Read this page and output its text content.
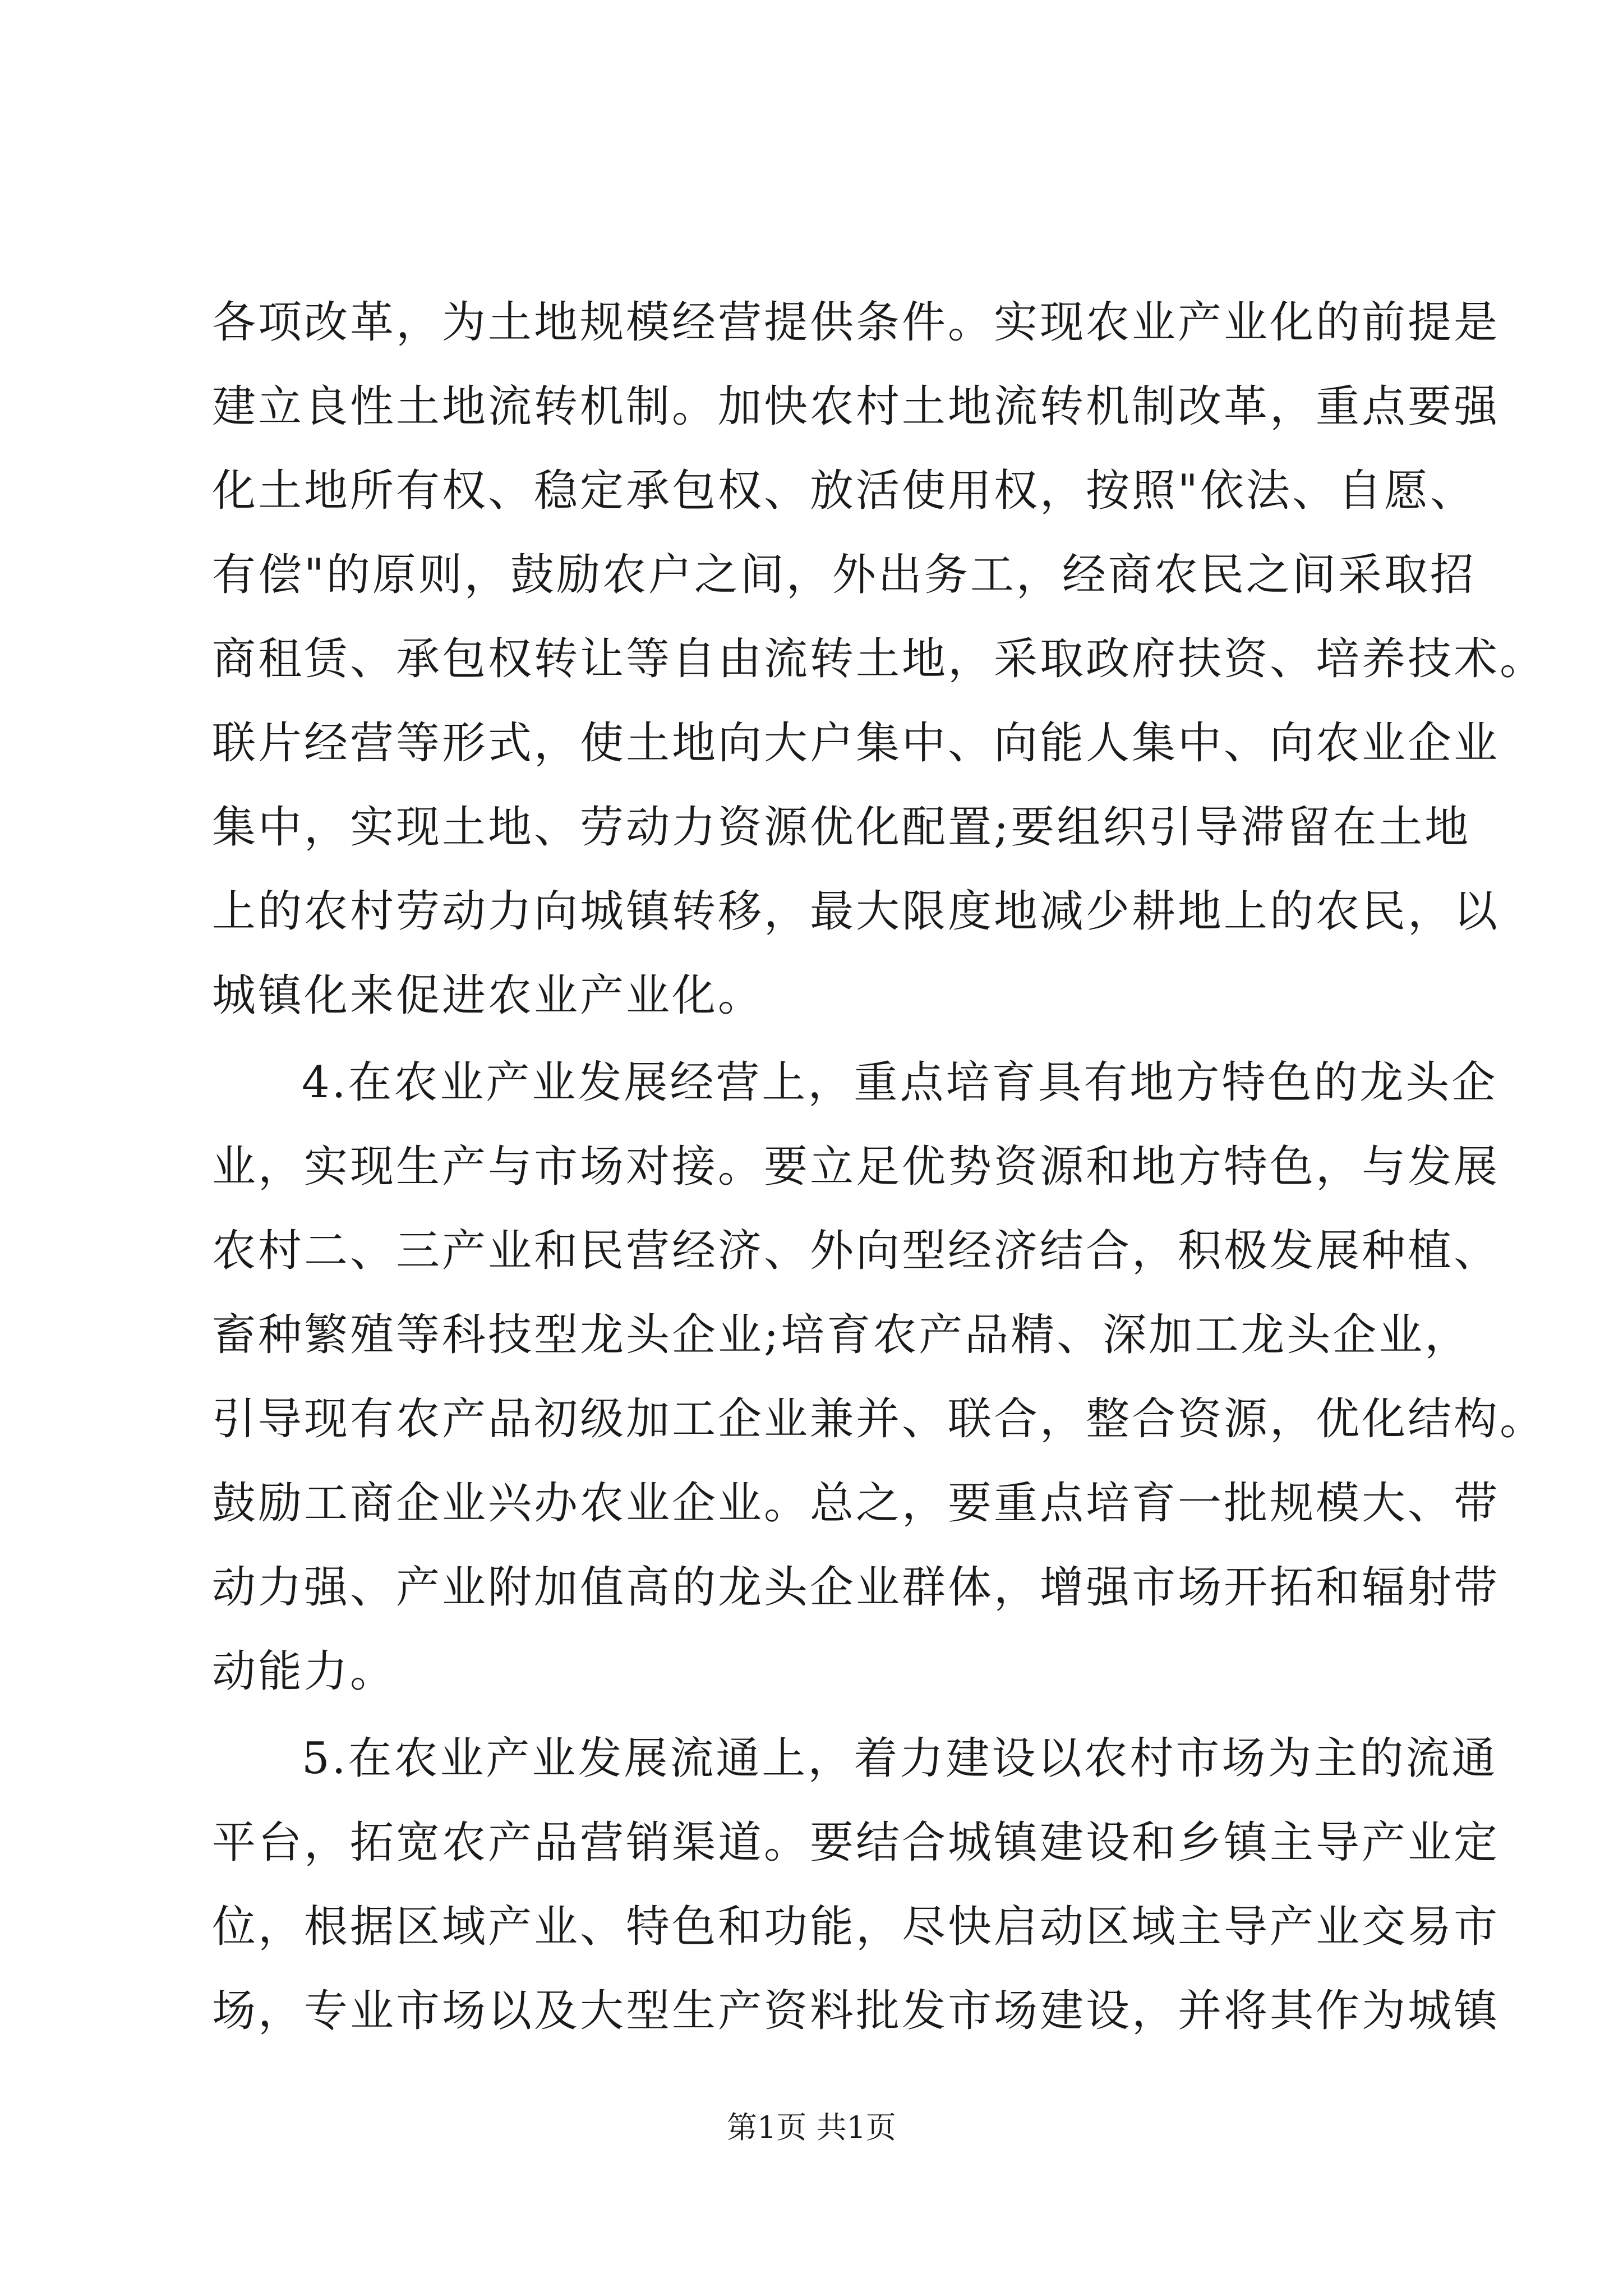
各项改革，为土地规模经营提供条件。实现农业产业化的前提是

建立良性土地流转机制。加快农村土地流转机制改革，重点要强

化土地所有权、稳定承包权、放活使用权，按照"依法、自愿、

有偿"的原则，鼓励农户之间，外出务工，经商农民之间采取招

商租赁、承包权转让等自由流转土地，采取政府扶资、培养技术。

联片经营等形式，使土地向大户集中、向能人集中、向农业企业

集中，实现土地、劳动力资源优化配置;要组织引导滞留在土地

上的农村劳动力向城镇转移，最大限度地减少耕地上的农民，以

城镇化来促进农业产业化。

4.在农业产业发展经营上，重点培育具有地方特色的龙头企

业，实现生产与市场对接。要立足优势资源和地方特色，与发展

农村二、三产业和民营经济、外向型经济结合，积极发展种植、

畜种繁殖等科技型龙头企业;培育农产品精、深加工龙头企业，

引导现有农产品初级加工企业兼并、联合，整合资源，优化结构。

鼓励工商企业兴办农业企业。总之，要重点培育一批规模大、带

动力强、产业附加值高的龙头企业群体，增强市场开拓和辐射带

动能力。

5.在农业产业发展流通上，着力建设以农村市场为主的流通

平台，拓宽农产品营销渠道。要结合城镇建设和乡镇主导产业定

位，根据区域产业、特色和功能，尽快启动区域主导产业交易市

场，专业市场以及大型生产资料批发市场建设，并将其作为城镇

第1页 共1页
